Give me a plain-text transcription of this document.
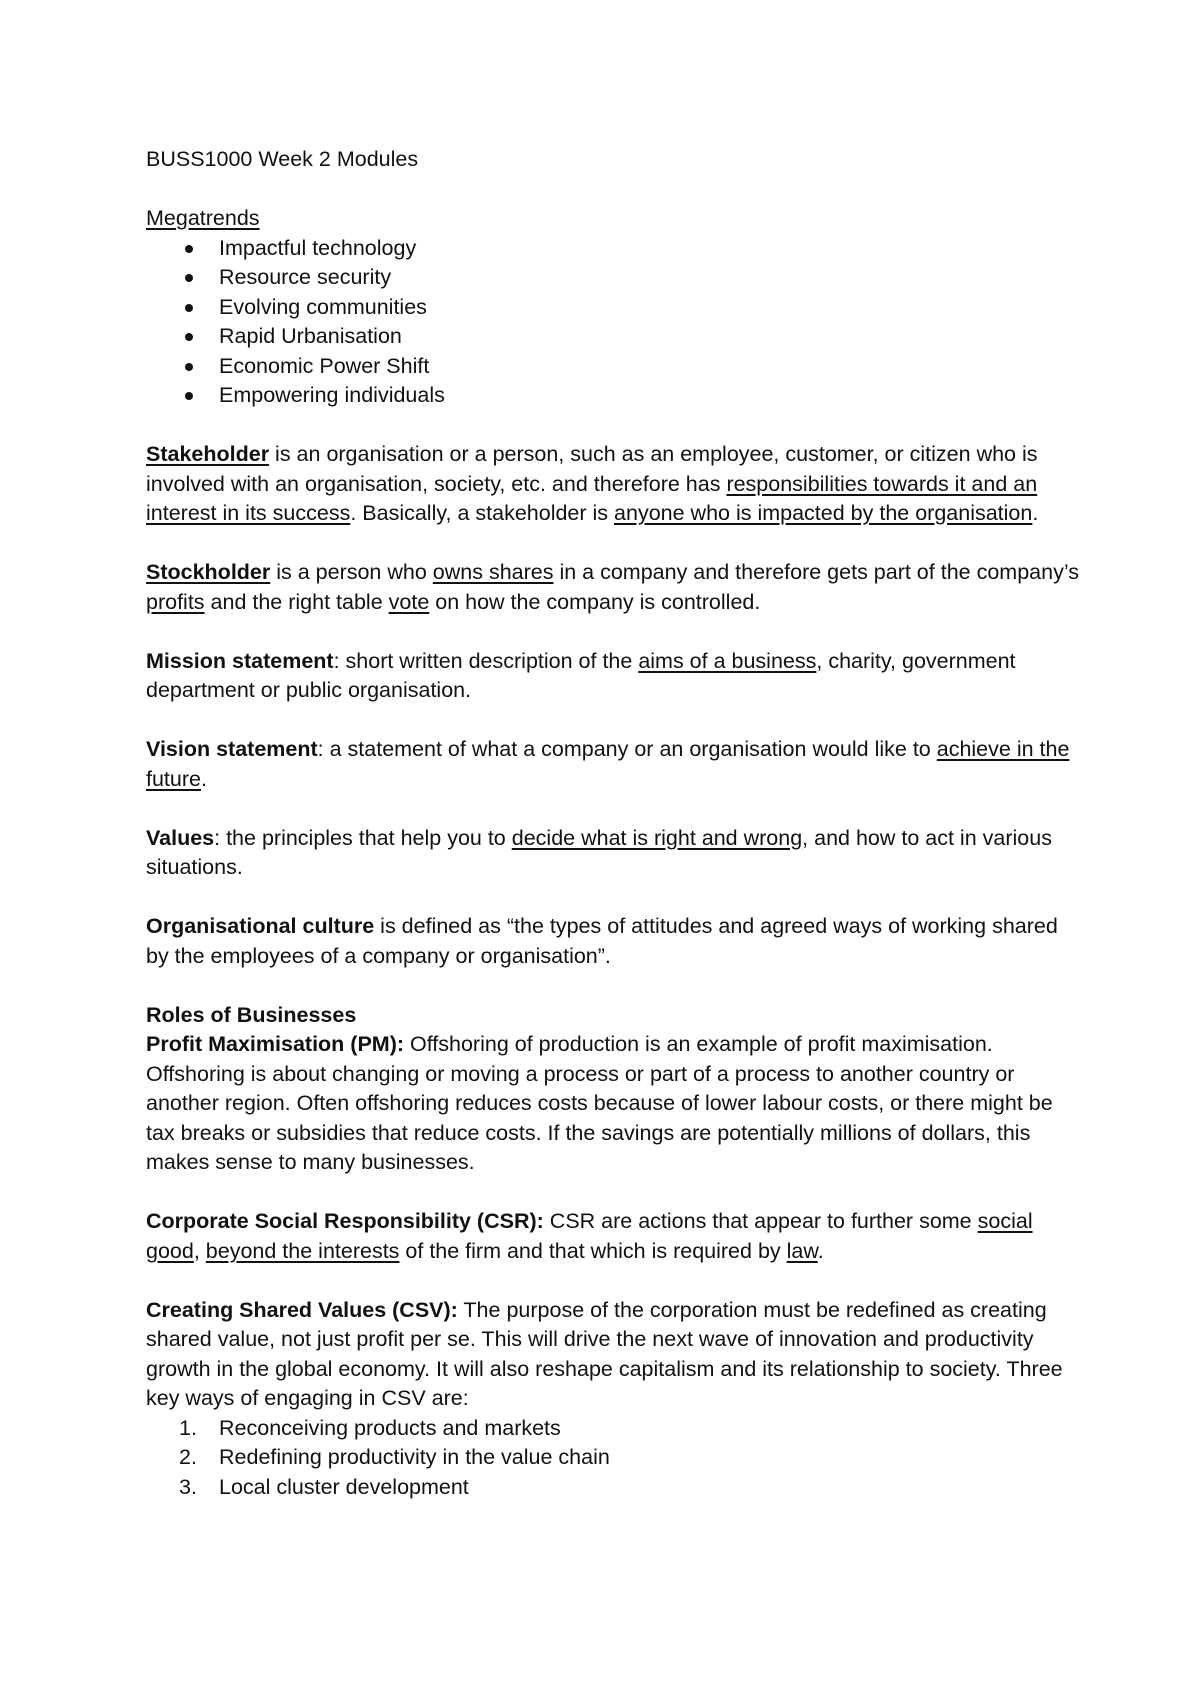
BUSS1000 Week 2 Modules

Megatrends

Impactful technology
Resource security
Evolving communities
Rapid Urbanisation
Economic Power Shift
Empowering individuals

Stakeholder is an organisation or a person, such as an employee, customer, or citizen who is involved with an organisation, society, etc. and therefore has responsibilities towards it and an interest in its success. Basically, a stakeholder is anyone who is impacted by the organisation.

Stockholder is a person who owns shares in a company and therefore gets part of the company’s profits and the right table vote on how the company is controlled.

Mission statement: short written description of the aims of a business, charity, government department or public organisation.

Vision statement: a statement of what a company or an organisation would like to achieve in the future.

Values: the principles that help you to decide what is right and wrong, and how to act in various situations.

Organisational culture is defined as “the types of attitudes and agreed ways of working shared by the employees of a company or organisation”.

Roles of Businesses

Profit Maximisation (PM): Offshoring of production is an example of profit maximisation. Offshoring is about changing or moving a process or part of a process to another country or another region. Often offshoring reduces costs because of lower labour costs, or there might be tax breaks or subsidies that reduce costs. If the savings are potentially millions of dollars, this makes sense to many businesses.

Corporate Social Responsibility (CSR): CSR are actions that appear to further some social good, beyond the interests of the firm and that which is required by law.

Creating Shared Values (CSV): The purpose of the corporation must be redefined as creating shared value, not just profit per se. This will drive the next wave of innovation and productivity growth in the global economy. It will also reshape capitalism and its relationship to society. Three key ways of engaging in CSV are:

1. Reconceiving products and markets
2. Redefining productivity in the value chain
3. Local cluster development
